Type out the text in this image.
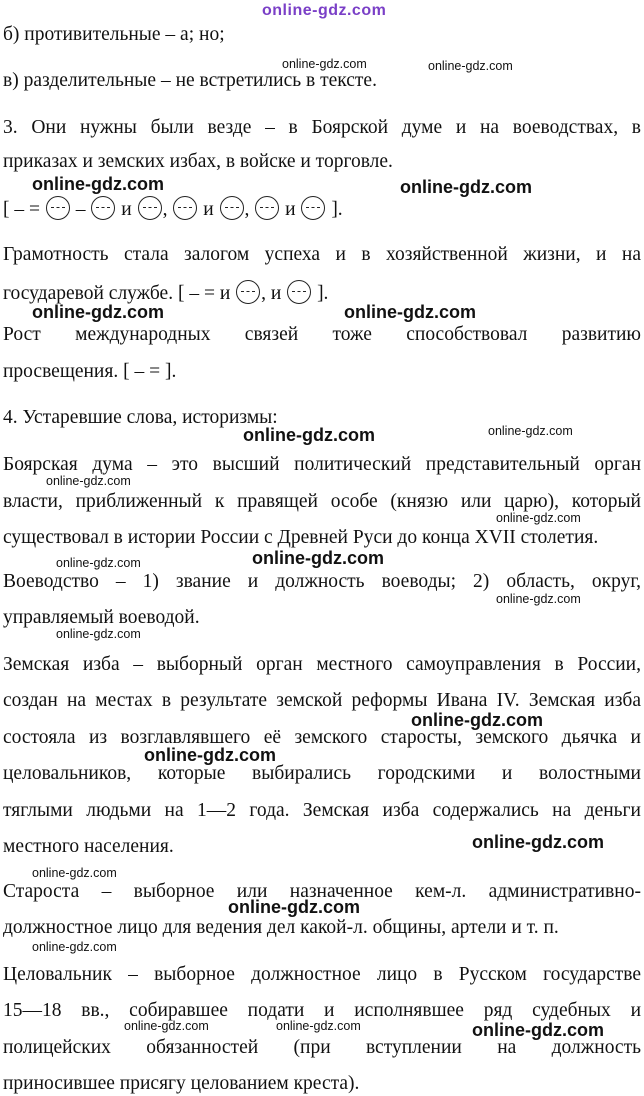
online-gdz.com
б) противительные – а; но;
в) разделительные – не встретились в тексте.
3. Они нужны были везде – в Боярской думе и на воеводствах, в
приказах и земских избах, в войске и торговле.
[ – =  –  и ,  и ,  и  ].
Грамотность стала залогом успеха и в хозяйственной жизни, и на
государевой службе. [ – = и , и  ].
Рост международных связей тоже способствовал развитию
просвещения. [ – = ].
4. Устаревшие слова, историзмы:
Боярская дума – это высший политический представительный орган
власти, приближенный к правящей особе (князю или царю), который
существовал в истории России с Древней Руси до конца XVII столетия.
Воеводство – 1) звание и должность воеводы; 2) область, округ,
управляемый воеводой.
Земская изба – выборный орган местного самоуправления в России,
создан на местах в результате земской реформы Ивана IV. Земская изба
состояла из возглавлявшего её земского старосты, земского дьячка и
целовальников, которые выбирались городскими и волостными
тяглыми людьми на 1—2 года. Земская изба содержались на деньги
местного населения.
Староста – выборное или назначенное кем-л. административно-
должностное лицо для ведения дел какой-л. общины, артели и т. п.
Целовальник – выборное должностное лицо в Русском государстве
15—18 вв., собиравшее подати и исполнявшее ряд судебных и
полицейских обязанностей (при вступлении на должность
приносившее присягу целованием креста).
online-gdz.com	online-gdz.com
online-gdz.com	online-gdz.com
online-gdz.com	online-gdz.com
online-gdz.com	online-gdz.com
online-gdz.com
online-gdz.com
online-gdz.com
online-gdz.com
online-gdz.com
online-gdz.com
online-gdz.com
online-gdz.com
online-gdz.com
online-gdz.com
online-gdz.com
online-gdz.com
online-gdz.com	online-gdz.com	online-gdz.com
